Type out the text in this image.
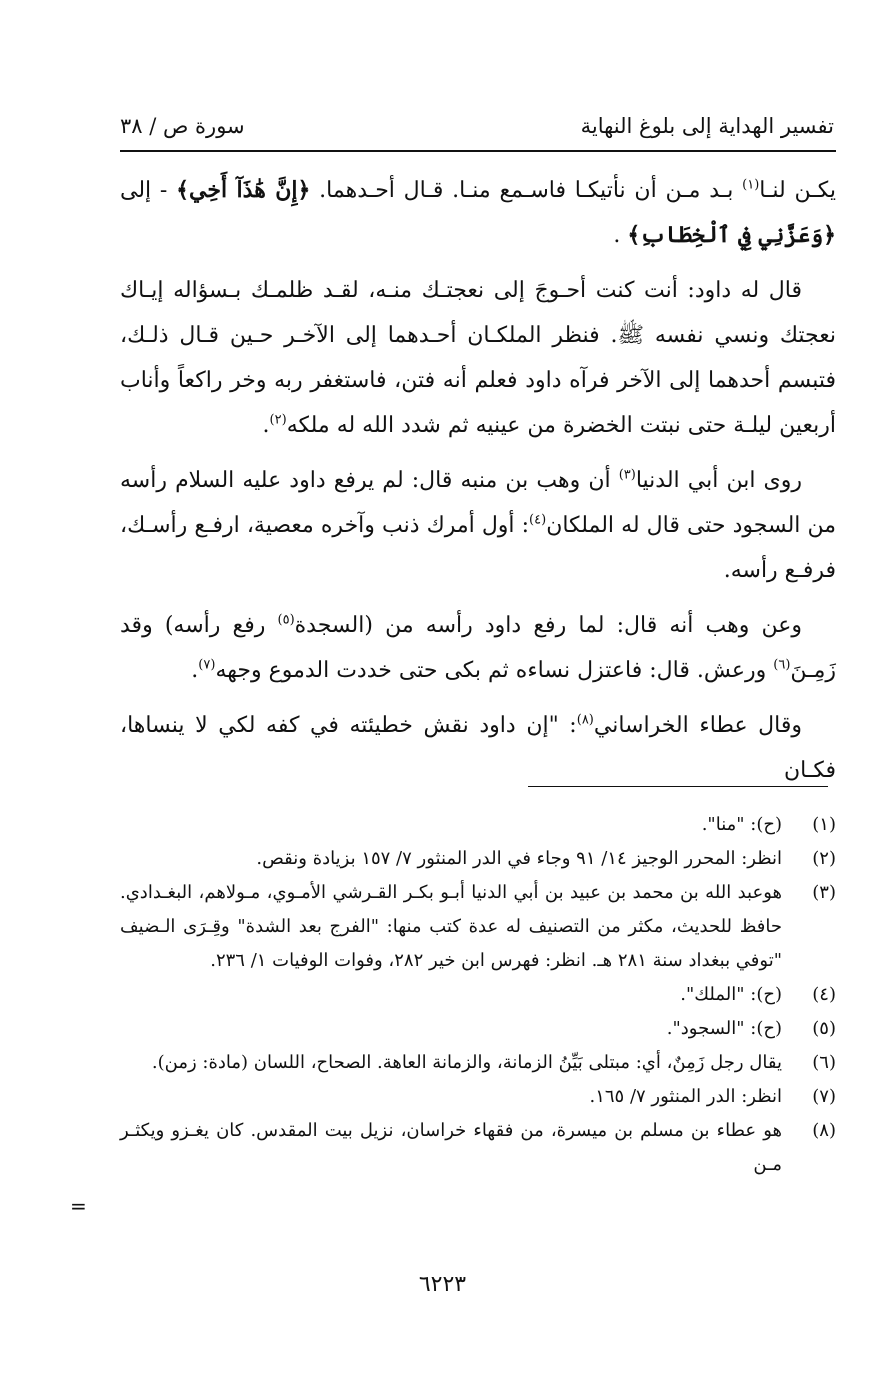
تفسير الهداية إلى بلوغ النهاية
سورة ص / ٣٨

يكـن لنـا$^{(١)}$ بـد مـن أن نأتيكـا فاسـمع منـا. قـال أحـدهما. ﴿إِنَّ هَٰذَآ أَخِي﴾ - إلى ﴿وَعَزَّنِي فِي ٱلْخِطَابِ﴾ .

قال له داود: أنت كنت أحـوجَ إلى نعجتـك منـه، لقـد ظلمـك بـسؤاله إيـاك نعجتك ونسي نفسه ﷺ. فنظر الملكـان أحـدهما إلى الآخـر حـين قـال ذلـك، فتبسم أحدهما إلى الآخر فرآه داود فعلم أنه فتن، فاستغفر ربه وخر راكعاً وأناب أربعين ليلـة حتى نبتت الخضرة من عينيه ثم شدد الله له ملكه$^{(٢)}$.

روى ابن أبي الدنيا$^{(٣)}$ أن وهب بن منبه قال: لم يرفع داود عليه السلام رأسه من السجود حتى قال له الملكان$^{(٤)}$: أول أمرك ذنب وآخره معصية، ارفـع رأسـك، فرفـع رأسه.

وعن وهب أنه قال: لما رفع داود رأسه من (السجدة$^{(٥)}$ رفع رأسه) وقد زَمِـنَ$^{(٦)}$ ورعش. قال: فاعتزل نساءه ثم بكى حتى خددت الدموع وجهه$^{(٧)}$.

وقال عطاء الخراساني$^{(٨)}$: "إن داود نقش خطيئته في كفه لكي لا ينساها، فكـان

(١)
(ح): "منا".
(٢)
انظر: المحرر الوجيز ١٤/ ٩١ وجاء في الدر المنثور ٧/ ١٥٧ بزيادة ونقص.
(٣)
هوعبد الله بن محمد بن عبيد بن أبي الدنيا أبـو بكـر القـرشي الأمـوي، مـولاهم، البغـدادي. حافظ للحديث، مكثر من التصنيف له عدة كتب منها: "الفرج بعد الشدة" وقِـرَى الـضيف "توفي ببغداد سنة ٢٨١ هـ. انظر: فهرس ابن خير ٢٨٢، وفوات الوفيات ١/ ٢٣٦.
(٤)
(ح): "الملك".
(٥)
(ح): "السجود".
(٦)
يقال رجل زَمِنٌ، أي: مبتلى بَيِّنُ الزمانة، والزمانة العاهة. الصحاح، اللسان (مادة: زمن).
(٧)
انظر: الدر المنثور ٧/ ١٦٥.
(٨)
هو عطاء بن مسلم بن ميسرة، من فقهاء خراسان، نزيل بيت المقدس. كان يغـزو ويكثـر مـن
=
٦٢٢٣
